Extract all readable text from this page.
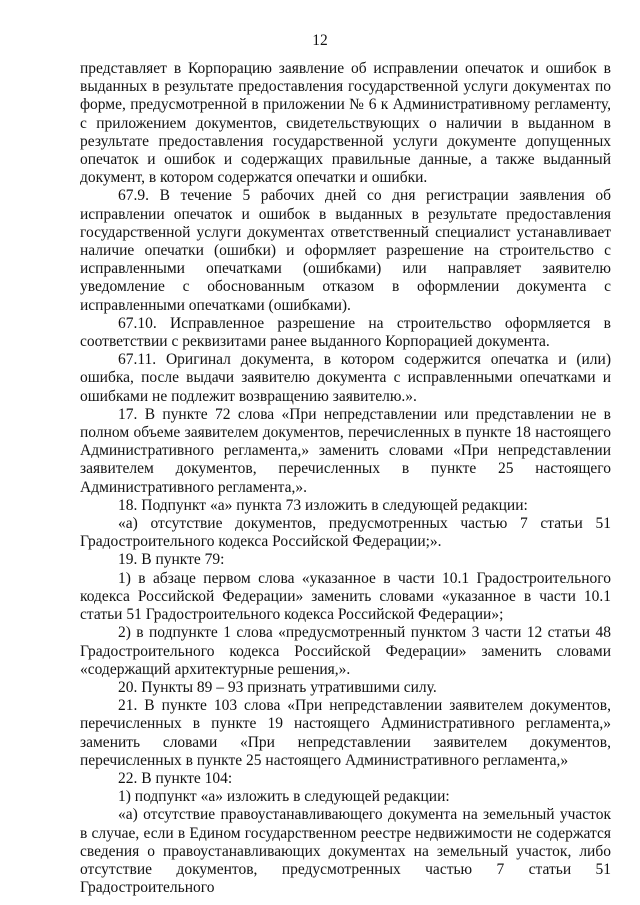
12

представляет в Корпорацию заявление об исправлении опечаток и ошибок в выданных в результате предоставления государственной услуги документах по форме, предусмотренной в приложении № 6 к Административному регламенту, с приложением документов, свидетельствующих о наличии в выданном в результате предоставления государственной услуги документе допущенных опечаток и ошибок и содержащих правильные данные, а также выданный документ, в котором содержатся опечатки и ошибки.

67.9. В течение 5 рабочих дней со дня регистрации заявления об исправлении опечаток и ошибок в выданных в результате предоставления государственной услуги документах ответственный специалист устанавливает наличие опечатки (ошибки) и оформляет разрешение на строительство с исправленными опечатками (ошибками) или направляет заявителю уведомление с обоснованным отказом в оформлении документа с исправленными опечатками (ошибками).

67.10. Исправленное разрешение на строительство оформляется в соответствии с реквизитами ранее выданного Корпорацией документа.

67.11. Оригинал документа, в котором содержится опечатка и (или) ошибка, после выдачи заявителю документа с исправленными опечатками и ошибками не подлежит возвращению заявителю.».

17. В пункте 72 слова «При непредставлении или представлении не в полном объеме заявителем документов, перечисленных в пункте 18 настоящего Административного регламента,» заменить словами «При непредставлении заявителем документов, перечисленных в пункте 25 настоящего Административного регламента,».

18. Подпункт «а» пункта 73 изложить в следующей редакции:

«а) отсутствие документов, предусмотренных частью 7 статьи 51 Градостроительного кодекса Российской Федерации;».

19. В пункте 79:

1) в абзаце первом слова «указанное в части 10.1 Градостроительного кодекса Российской Федерации» заменить словами «указанное в части 10.1 статьи 51 Градостроительного кодекса Российской Федерации»;

2) в подпункте 1 слова «предусмотренный пунктом 3 части 12 статьи 48 Градостроительного кодекса Российской Федерации» заменить словами «содержащий архитектурные решения,».

20. Пункты 89 – 93 признать утратившими силу.

21. В пункте 103 слова «При непредставлении заявителем документов, перечисленных в пункте 19 настоящего Административного регламента,» заменить словами «При непредставлении заявителем документов, перечисленных в пункте 25 настоящего Административного регламента,»

22. В пункте 104:

1) подпункт «а» изложить в следующей редакции:

«а) отсутствие правоустанавливающего документа на земельный участок в случае, если в Едином государственном реестре недвижимости не содержатся сведения о правоустанавливающих документах на земельный участок, либо отсутствие документов, предусмотренных частью 7 статьи 51 Градостроительного
